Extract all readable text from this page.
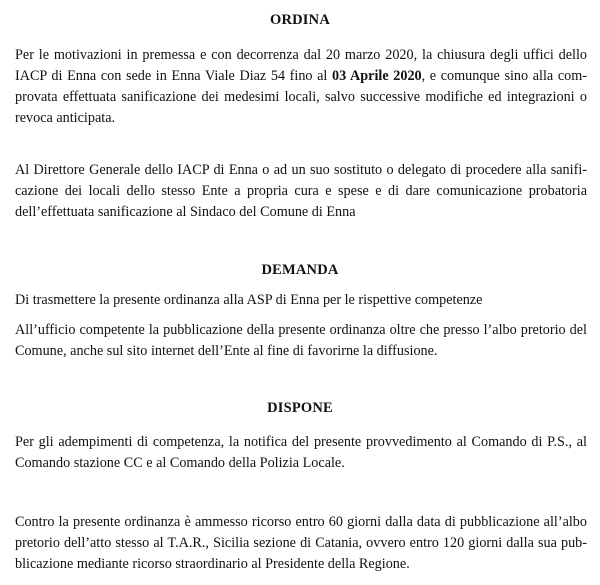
ORDINA
Per le motivazioni in premessa e con decorrenza dal 20 marzo 2020, la chiusura degli uffici dello
IACP di Enna con sede in Enna Viale Diaz 54 fino al 03 Aprile 2020, e comunque sino alla com-
provata effettuata sanificazione dei medesimi locali, salvo successive modifiche ed integrazioni o
revoca anticipata.
Al Direttore Generale dello IACP di Enna o ad un suo sostituto o delegato di procedere alla sanifi-
cazione dei locali dello stesso Ente a propria cura e spese e di dare comunicazione probatoria
dell’effettuata sanificazione al Sindaco del Comune di Enna
DEMANDA
Di trasmettere la presente ordinanza alla ASP di Enna per le rispettive competenze
All’ufficio competente la pubblicazione della presente ordinanza oltre che presso l’albo pretorio del
Comune, anche sul sito internet dell’Ente al fine di favorirne la diffusione.
DISPONE
Per gli adempimenti di competenza, la notifica del presente provvedimento al Comando di P.S., al
Comando stazione CC e al Comando della Polizia Locale.
Contro la presente ordinanza è ammesso ricorso entro 60 giorni dalla data di pubblicazione all’albo
pretorio dell’atto stesso al T.A.R., Sicilia sezione di Catania, ovvero entro 120 giorni dalla sua pub-
blicazione mediante ricorso straordinario al Presidente della Regione.
